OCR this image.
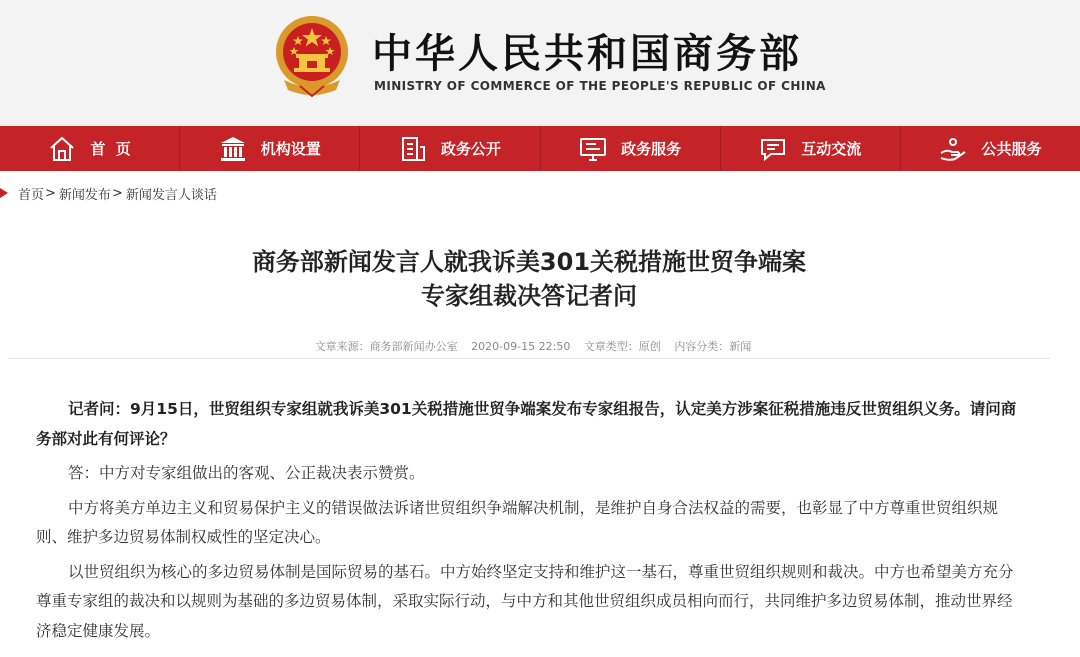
中华人民共和国商务部
MINISTRY OF COMMERCE OF THE PEOPLE'S REPUBLIC OF CHINA
首  页	机构设置	政务公开	政务服务	互动交流	公共服务
首页 > 新闻发布 > 新闻发言人谈话
商务部新闻发言人就我诉美301关税措施世贸争端案
专家组裁决答记者问
文章来源：商务部新闻办公室 2020-09-15 22:50 文章类型：原创 内容分类：新闻

记者问：9月15日，世贸组织专家组就我诉美301关税措施世贸争端案发布专家组报告，认定美方涉案征税措施违反世贸组织义务。请问商务部对此有何评论？

答：中方对专家组做出的客观、公正裁决表示赞赏。

中方将美方单边主义和贸易保护主义的错误做法诉诸世贸组织争端解决机制，是维护自身合法权益的需要，也彰显了中方尊重世贸组织规则、维护多边贸易体制权威性的坚定决心。

以世贸组织为核心的多边贸易体制是国际贸易的基石。中方始终坚定支持和维护这一基石，尊重世贸组织规则和裁决。中方也希望美方充分尊重专家组的裁决和以规则为基础的多边贸易体制，采取实际行动，与中方和其他世贸组织成员相向而行，共同维护多边贸易体制，推动世界经济稳定健康发展。
